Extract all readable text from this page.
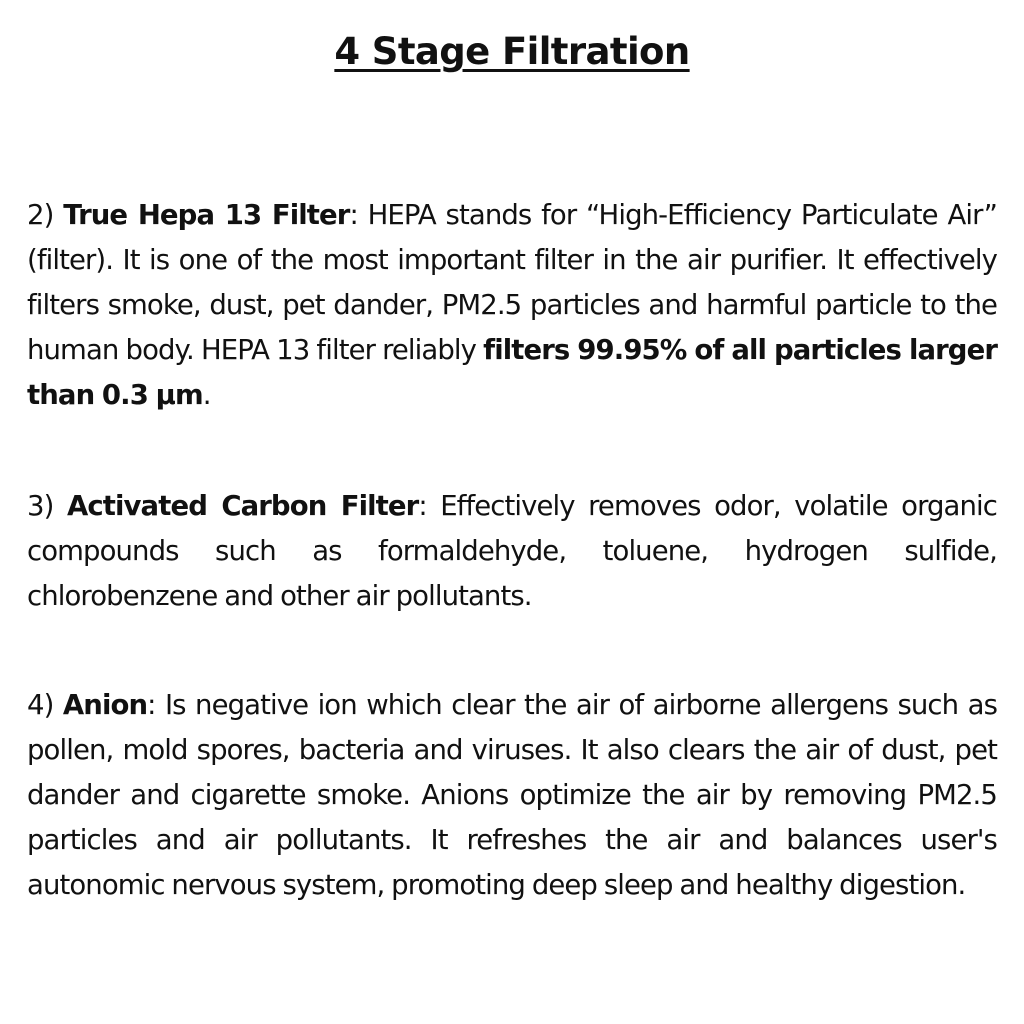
4 Stage Filtration

2) True Hepa 13 Filter: HEPA stands for “High-Efficiency Particulate Air” (filter). It is one of the most important filter in the air purifier. It effectively filters smoke, dust, pet dander, PM2.5 particles and harmful particle to the human body. HEPA 13 filter reliably filters 99.95% of all particles larger than 0.3 μm.

3) Activated Carbon Filter: Effectively removes odor, volatile organic compounds such as formaldehyde, toluene, hydrogen sulfide, chlorobenzene and other air pollutants.

4) Anion: Is negative ion which clear the air of airborne allergens such as pollen, mold spores, bacteria and viruses. It also clears the air of dust, pet dander and cigarette smoke. Anions optimize the air by removing PM2.5 particles and air pollutants. It refreshes the air and balances user's autonomic nervous system, promoting deep sleep and healthy digestion.
